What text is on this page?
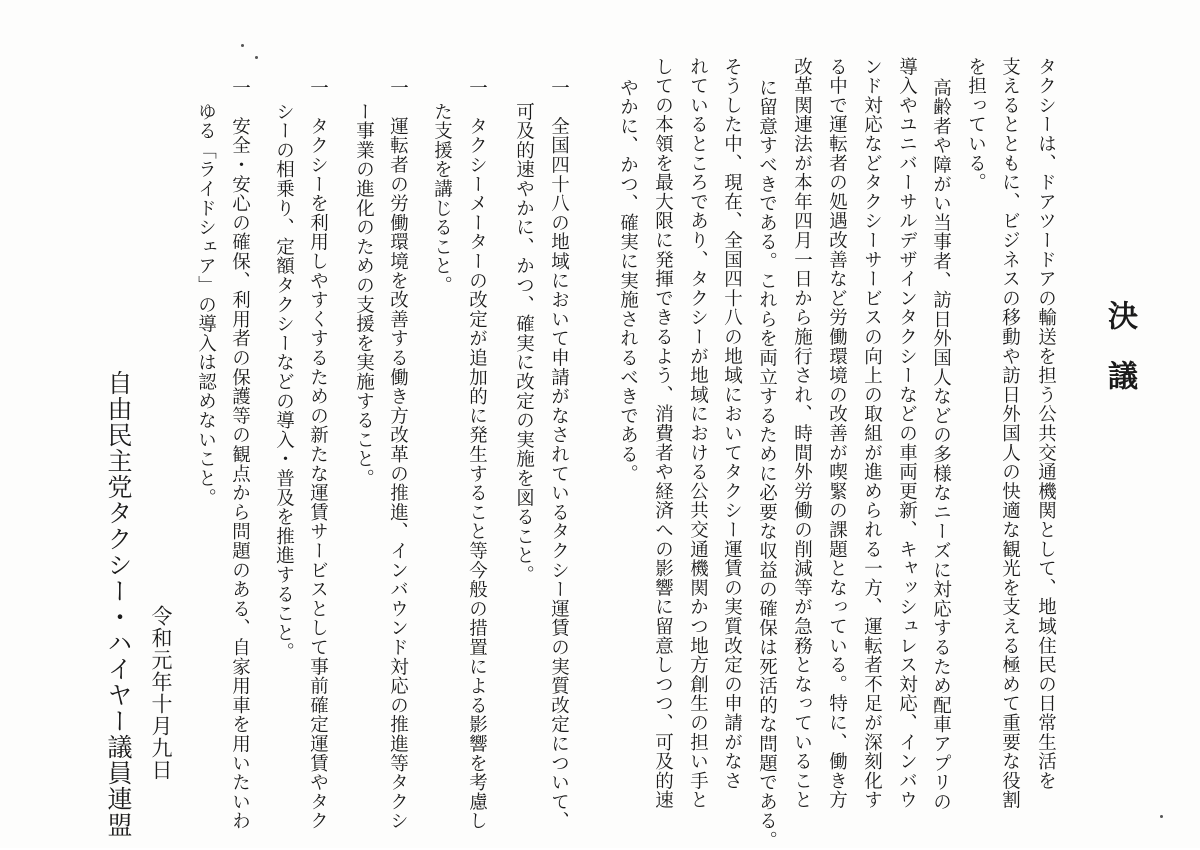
決議
タクシーは、ドアツードアの輸送を担う公共交通機関として、地域住民の日常生活を
支えるとともに、ビジネスの移動や訪日外国人の快適な観光を支える極めて重要な役割
を担っている。
高齢者や障がい当事者、訪日外国人などの多様なニーズに対応するため配車アプリの
導入やユニバーサルデザインタクシーなどの車両更新、キャッシュレス対応、インバウ
ンド対応などタクシーサービスの向上の取組が進められる一方、運転者不足が深刻化す
る中で運転者の処遇改善など労働環境の改善が喫緊の課題となっている。特に、働き方
改革関連法が本年四月一日から施行され、時間外労働の削減等が急務となっていること
に留意すべきである。これらを両立するために必要な収益の確保は死活的な問題である。
そうした中、現在、全国四十八の地域においてタクシー運賃の実質改定の申請がなさ
れているところであり、タクシーが地域における公共交通機関かつ地方創生の担い手と
しての本領を最大限に発揮できるよう、消費者や経済への影響に留意しつつ、可及的速
やかに、かつ、確実に実施されるべきである。
一　全国四十八の地域において申請がなされているタクシー運賃の実質改定について、
可及的速やかに、かつ、確実に改定の実施を図ること。
一　タクシーメーターの改定が追加的に発生すること等今般の措置による影響を考慮し
た支援を講じること。
一　運転者の労働環境を改善する働き方改革の推進、インバウンド対応の推進等タクシ
ー事業の進化のための支援を実施すること。
一　タクシーを利用しやすくするための新たな運賃サービスとして事前確定運賃やタク
シーの相乗り、定額タクシーなどの導入・普及を推進すること。
一　安全・安心の確保、利用者の保護等の観点から問題のある、自家用車を用いたいわ
ゆる「ライドシェア」の導入は認めないこと。
令和元年十月九日
自由民主党タクシー・ハイヤー議員連盟
